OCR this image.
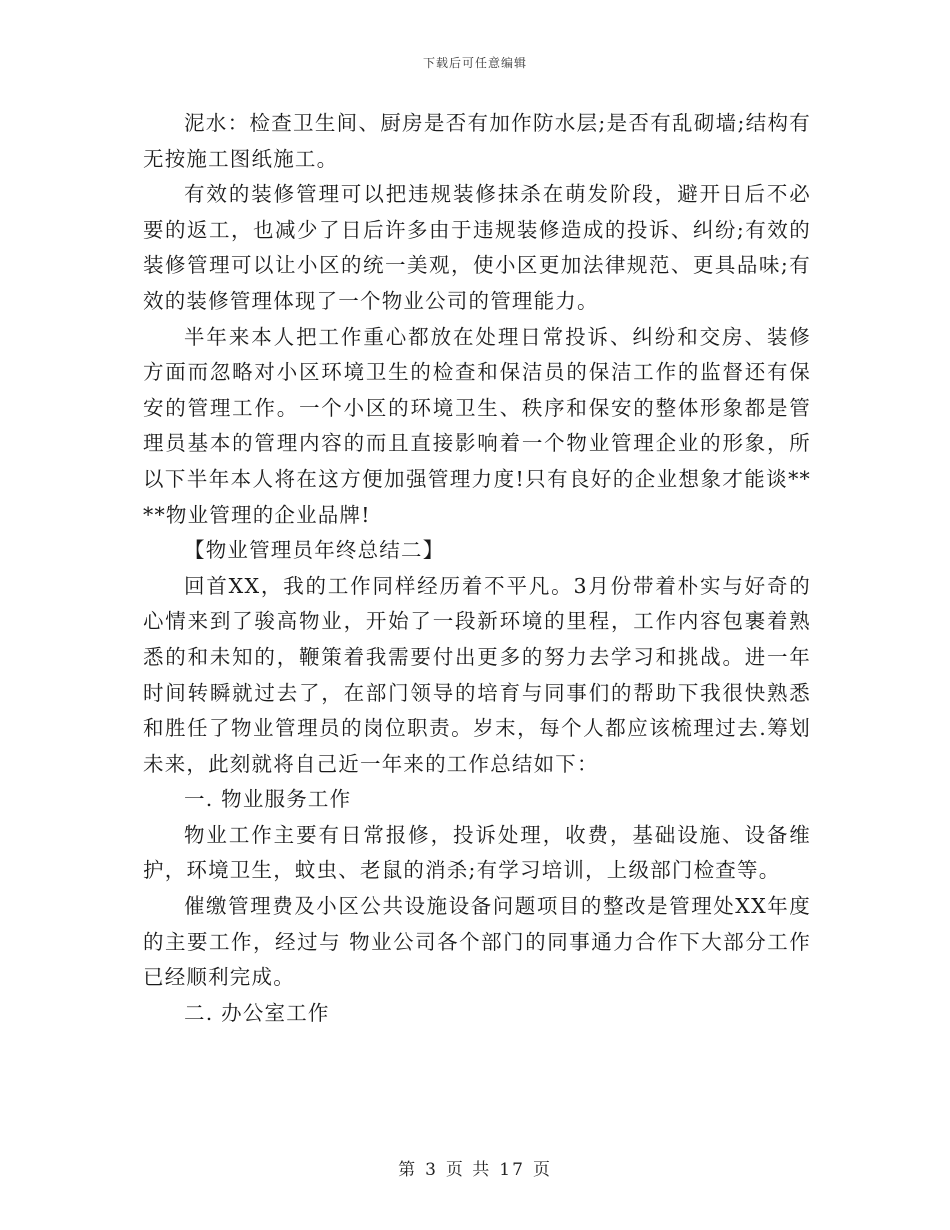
下载后可任意编辑

泥水：检查卫生间、厨房是否有加作防水层;是否有乱砌墙;结构有无按施工图纸施工。

有效的装修管理可以把违规装修抹杀在萌发阶段，避开日后不必要的返工，也减少了日后许多由于违规装修造成的投诉、纠纷;有效的装修管理可以让小区的统一美观，使小区更加法律规范、更具品味;有效的装修管理体现了一个物业公司的管理能力。

半年来本人把工作重心都放在处理日常投诉、纠纷和交房、装修方面而忽略对小区环境卫生的检查和保洁员的保洁工作的监督还有保安的管理工作。一个小区的环境卫生、秩序和保安的整体形象都是管理员基本的管理内容的而且直接影响着一个物业管理企业的形象，所以下半年本人将在这方便加强管理力度!只有良好的企业想象才能谈****物业管理的企业品牌!

【物业管理员年终总结二】

回首XX，我的工作同样经历着不平凡。3月份带着朴实与好奇的心情来到了骏高物业，开始了一段新环境的里程，工作内容包裹着熟悉的和未知的，鞭策着我需要付出更多的努力去学习和挑战。进一年时间转瞬就过去了，在部门领导的培育与同事们的帮助下我很快熟悉和胜任了物业管理员的岗位职责。岁末，每个人都应该梳理过去.筹划未来，此刻就将自己近一年来的工作总结如下：

一. 物业服务工作

物业工作主要有日常报修，投诉处理，收费，基础设施、设备维护，环境卫生，蚊虫、老鼠的消杀;有学习培训，上级部门检查等。

催缴管理费及小区公共设施设备问题项目的整改是管理处XX年度的主要工作，经过与 物业公司各个部门的同事通力合作下大部分工作已经顺利完成。

二. 办公室工作

第 3 页 共 17 页
